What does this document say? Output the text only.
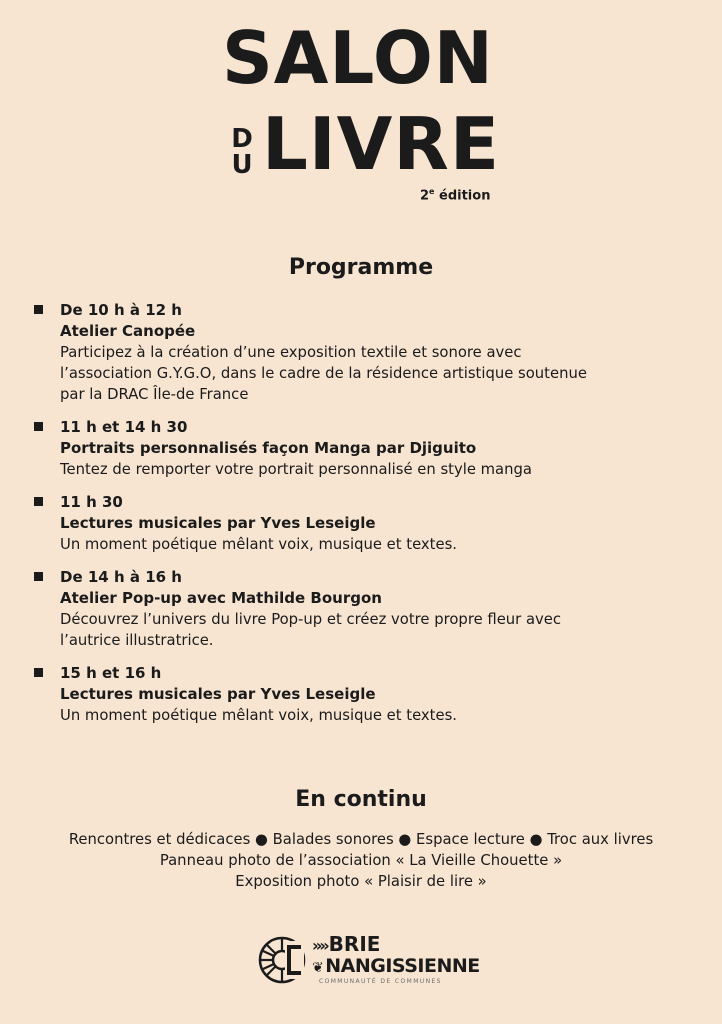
SALON
D
U LIVRE
2e édition
Programme
De 10 h à 12 h
Atelier Canopée
Participez à la création d’une exposition textile et sonore avec
l’association G.Y.G.O, dans le cadre de la résidence artistique soutenue
par la DRAC Île-de France
11 h et 14 h 30
Portraits personnalisés façon Manga par Djiguito
Tentez de remporter votre portrait personnalisé en style manga
11 h 30
Lectures musicales par Yves Leseigle
Un moment poétique mêlant voix, musique et textes.
De 14 h à 16 h
Atelier Pop-up avec Mathilde Bourgon
Découvrez l’univers du livre Pop-up et créez votre propre fleur avec
l’autrice illustratrice.
15 h et 16 h
Lectures musicales par Yves Leseigle
Un moment poétique mêlant voix, musique et textes.
En continu
Rencontres et dédicaces ● Balades sonores ● Espace lecture ● Troc aux livres
Panneau photo de l’association « La Vieille Chouette »
Exposition photo « Plaisir de lire »
»» BRIE
❦ NANGISSIENNE
COMMUNAUTÉ DE COMMUNES
